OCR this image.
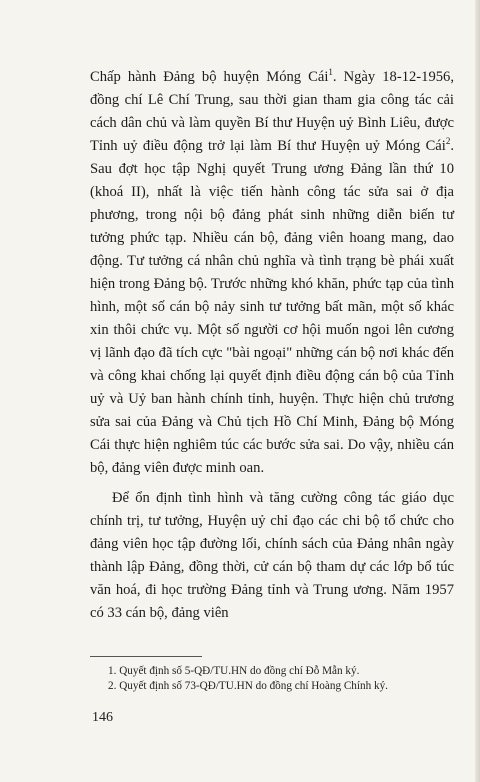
Chấp hành Đảng bộ huyện Móng Cái$^1$. Ngày 18-12-1956, đồng chí Lê Chí Trung, sau thời gian tham gia công tác cải cách dân chủ và làm quyền Bí thư Huyện uỷ Bình Liêu, được Tỉnh uỷ điều động trở lại làm Bí thư Huyện uỷ Móng Cái$^2$. Sau đợt học tập Nghị quyết Trung ương Đảng lần thứ 10 (khoá II), nhất là việc tiến hành công tác sửa sai ở địa phương, trong nội bộ đảng phát sinh những diễn biến tư tưởng phức tạp. Nhiều cán bộ, đảng viên hoang mang, dao động. Tư tưởng cá nhân chủ nghĩa và tình trạng bè phái xuất hiện trong Đảng bộ. Trước những khó khăn, phức tạp của tình hình, một số cán bộ nảy sinh tư tưởng bất mãn, một số khác xin thôi chức vụ. Một số người cơ hội muốn ngoi lên cương vị lãnh đạo đã tích cực "bài ngoại" những cán bộ nơi khác đến và công khai chống lại quyết định điều động cán bộ của Tỉnh uỷ và Uỷ ban hành chính tỉnh, huyện. Thực hiện chủ trương sửa sai của Đảng và Chủ tịch Hồ Chí Minh, Đảng bộ Móng Cái thực hiện nghiêm túc các bước sửa sai. Do vậy, nhiều cán bộ, đảng viên được minh oan.

Để ổn định tình hình và tăng cường công tác giáo dục chính trị, tư tưởng, Huyện uỷ chỉ đạo các chi bộ tổ chức cho đảng viên học tập đường lối, chính sách của Đảng nhân ngày thành lập Đảng, đồng thời, cử cán bộ tham dự các lớp bổ túc văn hoá, đi học trường Đảng tỉnh và Trung ương. Năm 1957 có 33 cán bộ, đảng viên

1. Quyết định số 5-QĐ/TU.HN do đồng chí Đỗ Mẫn ký.
2. Quyết định số 73-QĐ/TU.HN do đồng chí Hoàng Chính ký.
146
